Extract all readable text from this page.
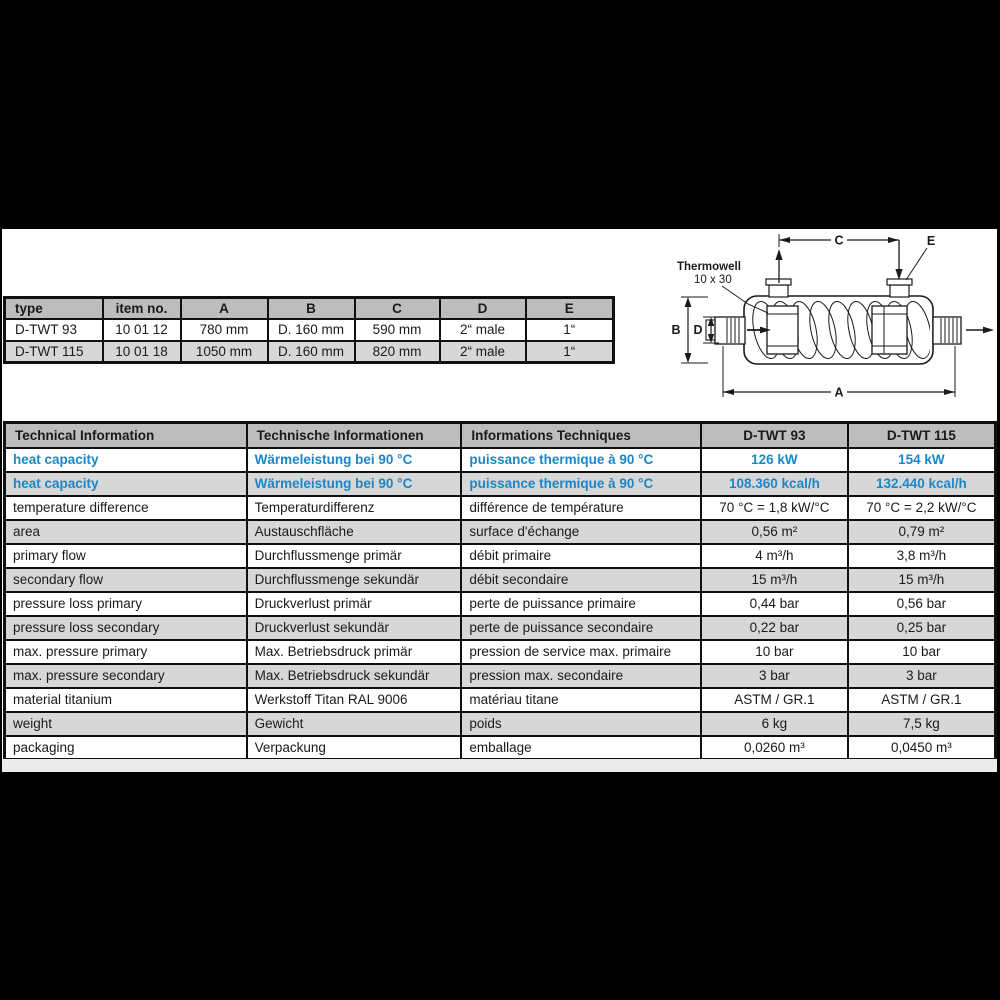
type	item no.	A	B	C	D	E
D-TWT 93	10 01 12	780 mm	D. 160 mm	590 mm	2“ male	1“
D-TWT 115	10 01 18	1050 mm	D. 160 mm	820 mm	2“ male	1“
C	E
Thermowell
10 x 30
B D
A
Technical Information	Technische Informationen	Informations Techniques	D-TWT 93	D-TWT 115
heat capacity	Wärmeleistung bei 90 °C	puissance thermique à 90 °C	126 kW	154 kW
heat capacity	Wärmeleistung bei 90 °C	puissance thermique à 90 °C	108.360 kcal/h	132.440 kcal/h
temperature difference	Temperaturdifferenz	différence de température	70 °C = 1,8 kW/°C	70 °C = 2,2 kW/°C
area	Austauschfläche	surface d'échange	0,56 m²	0,79 m²
primary flow	Durchflussmenge primär	débit primaire	4 m³/h	3,8 m³/h
secondary flow	Durchflussmenge sekundär	débit secondaire	15 m³/h	15 m³/h
pressure loss primary	Druckverlust primär	perte de puissance primaire	0,44 bar	0,56 bar
pressure loss secondary	Druckverlust sekundär	perte de puissance secondaire	0,22 bar	0,25 bar
max. pressure primary	Max. Betriebsdruck primär	pression de service max. primaire	10 bar	10 bar
max. pressure secondary	Max. Betriebsdruck sekundär	pression max. secondaire	3 bar	3 bar
material titanium	Werkstoff Titan RAL 9006	matériau titane	ASTM / GR.1	ASTM / GR.1
weight	Gewicht	poids	6 kg	7,5 kg
packaging	Verpackung	emballage	0,0260 m³	0,0450 m³
